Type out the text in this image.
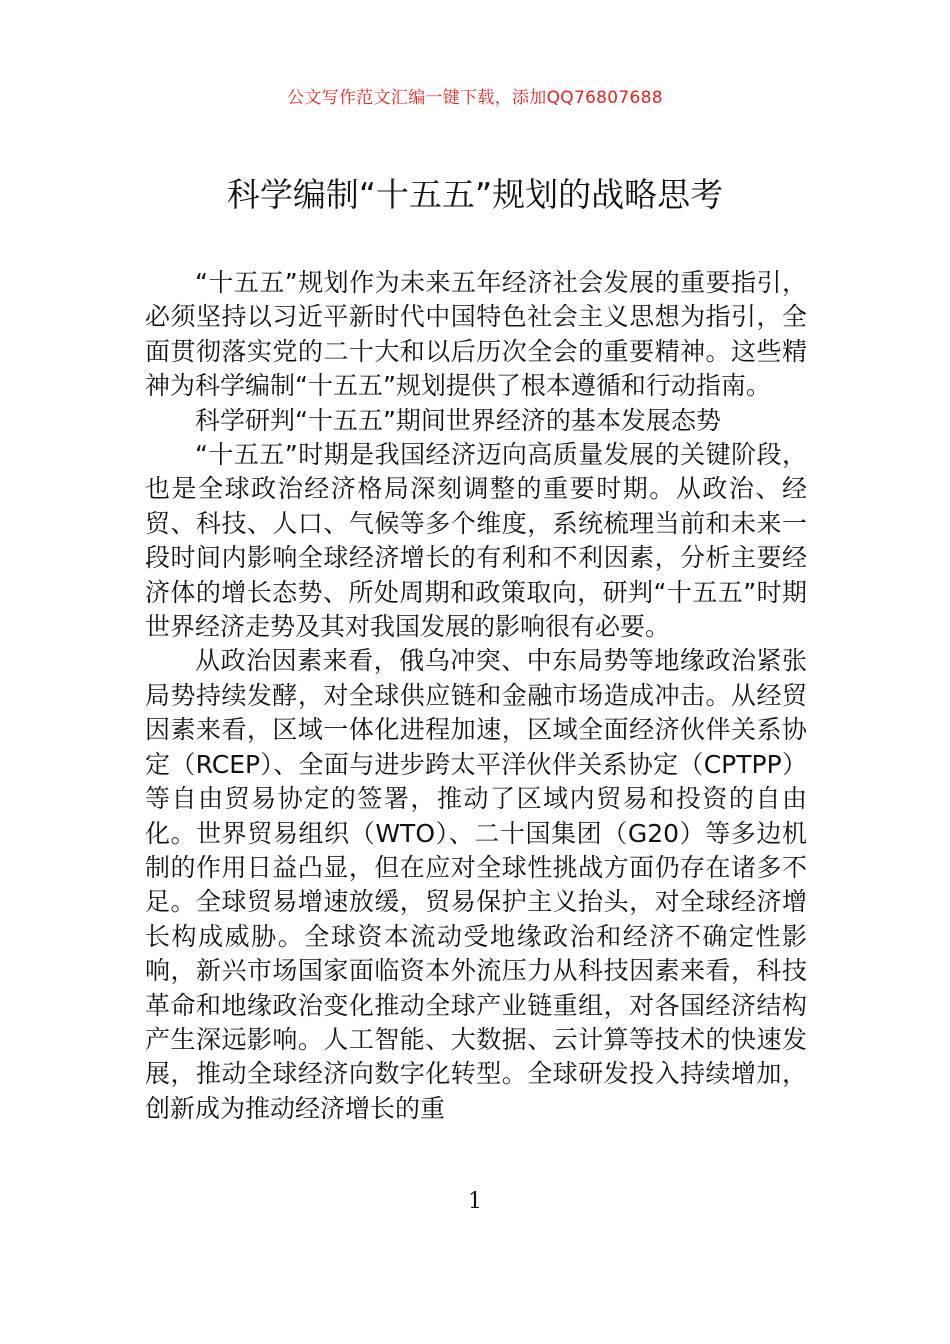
公文写作范文汇编一键下载，添加QQ76807688
科学编制“十五五”规划的战略思考

“十五五”规划作为未来五年经济社会发展的重要指引，必须坚持以习近平新时代中国特色社会主义思想为指引，全面贯彻落实党的二十大和以后历次全会的重要精神。这些精神为科学编制“十五五”规划提供了根本遵循和行动指南。

科学研判“十五五”期间世界经济的基本发展态势

“十五五”时期是我国经济迈向高质量发展的关键阶段，也是全球政治经济格局深刻调整的重要时期。从政治、经贸、科技、人口、气候等多个维度，系统梳理当前和未来一段时间内影响全球经济增长的有利和不利因素，分析主要经济体的增长态势、所处周期和政策取向，研判“十五五”时期世界经济走势及其对我国发展的影响很有必要。

从政治因素来看，俄乌冲突、中东局势等地缘政治紧张局势持续发酵，对全球供应链和金融市场造成冲击。从经贸因素来看，区域一体化进程加速，区域全面经济伙伴关系协定（RCEP）、全面与进步跨太平洋伙伴关系协定（CPTPP）等自由贸易协定的签署，推动了区域内贸易和投资的自由化。世界贸易组织（WTO）、二十国集团（G20）等多边机制的作用日益凸显，但在应对全球性挑战方面仍存在诸多不足。全球贸易增速放缓，贸易保护主义抬头，对全球经济增长构成威胁。全球资本流动受地缘政治和经济不确定性影响，新兴市场国家面临资本外流压力从科技因素来看，科技革命和地缘政治变化推动全球产业链重组，对各国经济结构产生深远影响。人工智能、大数据、云计算等技术的快速发展，推动全球经济向数字化转型。全球研发投入持续增加，创新成为推动经济增长的重

1
